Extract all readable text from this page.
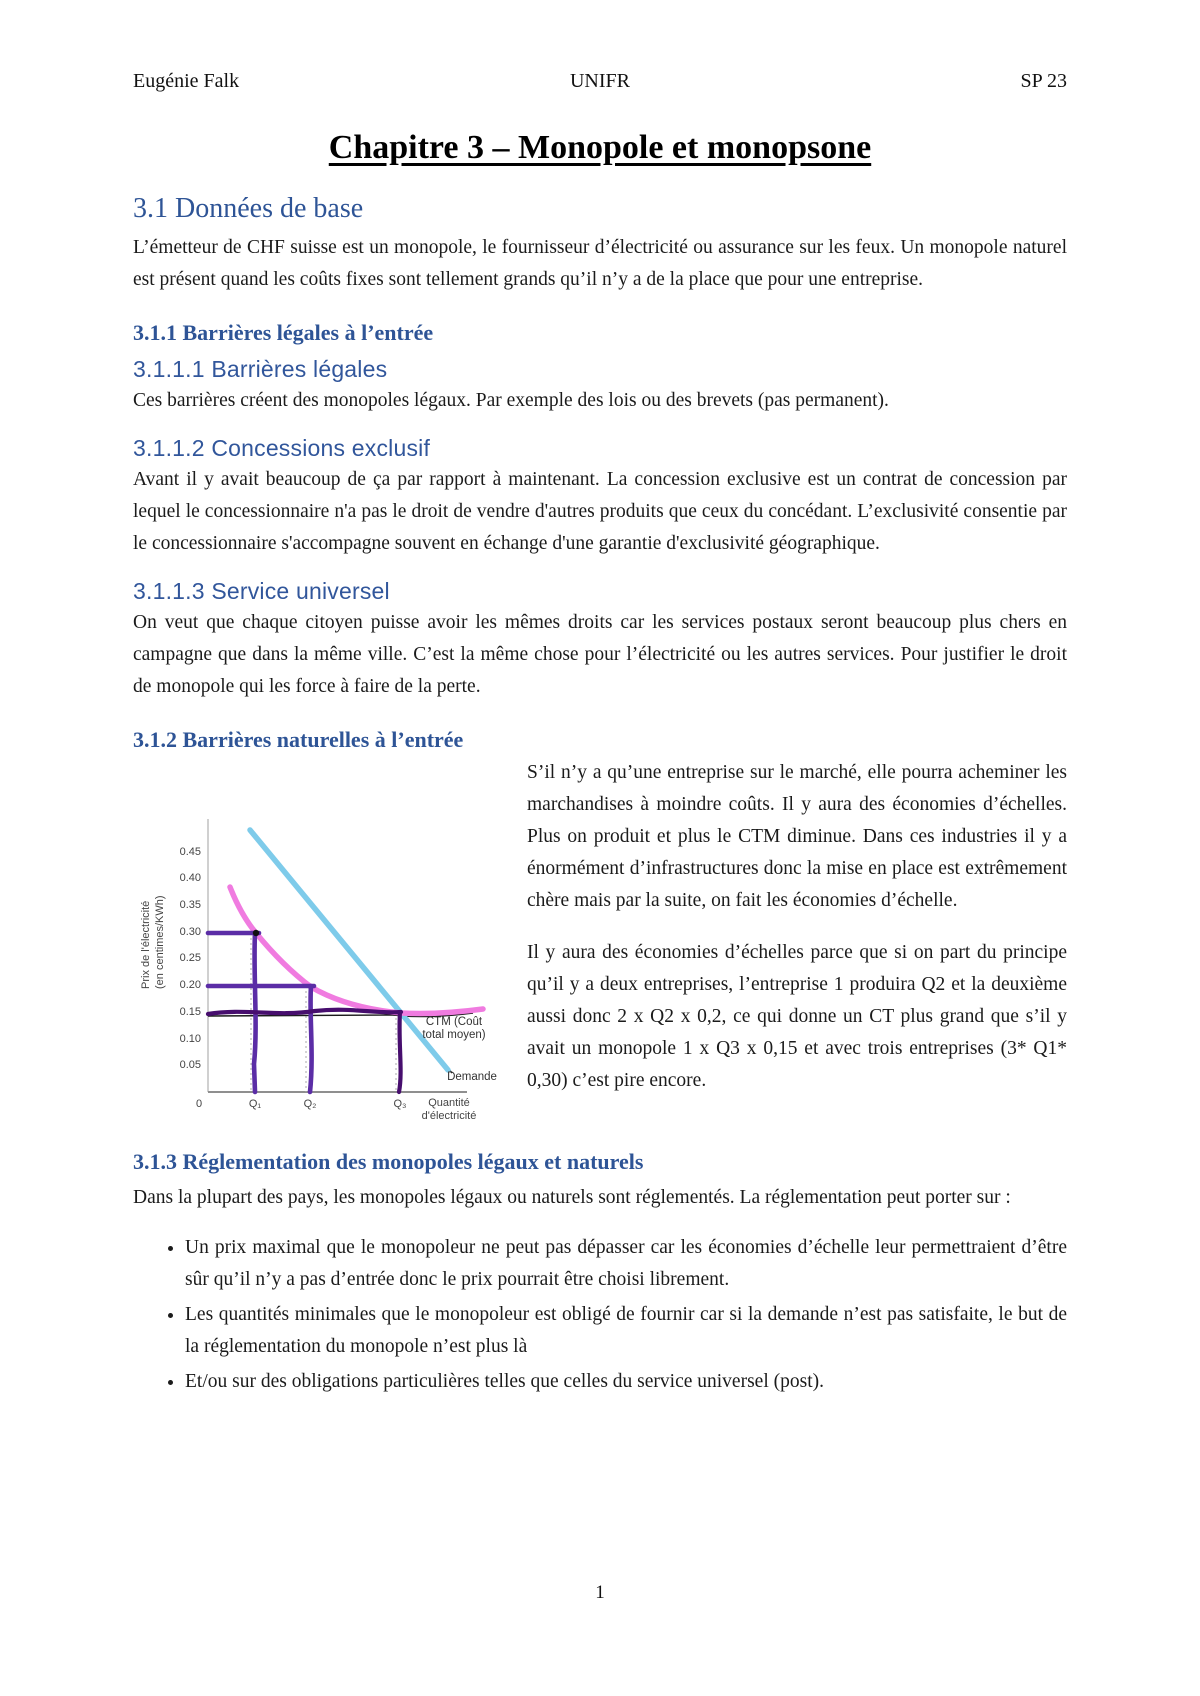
Eugénie Falk	UNIFR	SP 23
Chapitre 3 – Monopole et monopsone
3.1 Données de base

L’émetteur de CHF suisse est un monopole, le fournisseur d’électricité ou assurance sur les feux. Un monopole naturel est présent quand les coûts fixes sont tellement grands qu’il n’y a de la place que pour une entreprise.

3.1.1 Barrières légales à l’entrée
3.1.1.1 Barrières légales

Ces barrières créent des monopoles légaux. Par exemple des lois ou des brevets (pas permanent).

3.1.1.2 Concessions exclusif

Avant il y avait beaucoup de ça par rapport à maintenant. La concession exclusive est un contrat de concession par lequel le concessionnaire n'a pas le droit de vendre d'autres produits que ceux du concédant. L’exclusivité consentie par le concessionnaire s'accompagne souvent en échange d'une garantie d'exclusivité géographique.

3.1.1.3 Service universel

On veut que chaque citoyen puisse avoir les mêmes droits car les services postaux seront beaucoup plus chers en campagne que dans la même ville. C’est la même chose pour l’électricité ou les autres services. Pour justifier le droit de monopole qui les force à faire de la perte.

3.1.2 Barrières naturelles à l’entrée
Prix de l'électricité (en centimes/KWh)
0.45
0.40
0.35
0.30
0.25
0.20
0.15
0.10
0.05
CTM (Coût
total moyen)
Demande
0	Q₁	Q₂	Q₃ Quantité
d'électricité

S’il n’y a qu’une entreprise sur le marché, elle pourra acheminer les marchandises à moindre coûts. Il y aura des économies d’échelles. Plus on produit et plus le CTM diminue. Dans ces industries il y a énormément d’infrastructures donc la mise en place est extrêmement chère mais par la suite, on fait les économies d’échelle.

Il y aura des économies d’échelles parce que si on part du principe qu’il y a deux entreprises, l’entreprise 1 produira Q2 et la deuxième aussi donc 2 x Q2 x 0,2, ce qui donne un CT plus grand que s’il y avait un monopole 1 x Q3 x 0,15 et avec trois entreprises (3* Q1* 0,30) c’est pire encore.

3.1.3 Réglementation des monopoles légaux et naturels

Dans la plupart des pays, les monopoles légaux ou naturels sont réglementés. La réglementation peut porter sur :

• Un prix maximal que le monopoleur ne peut pas dépasser car les économies d’échelle leur permettraient d’être sûr qu’il n’y a pas d’entrée donc le prix pourrait être choisi librement.
• Les quantités minimales que le monopoleur est obligé de fournir car si la demande n’est pas satisfaite, le but de la réglementation du monopole n’est plus là
• Et/ou sur des obligations particulières telles que celles du service universel (post).
1
